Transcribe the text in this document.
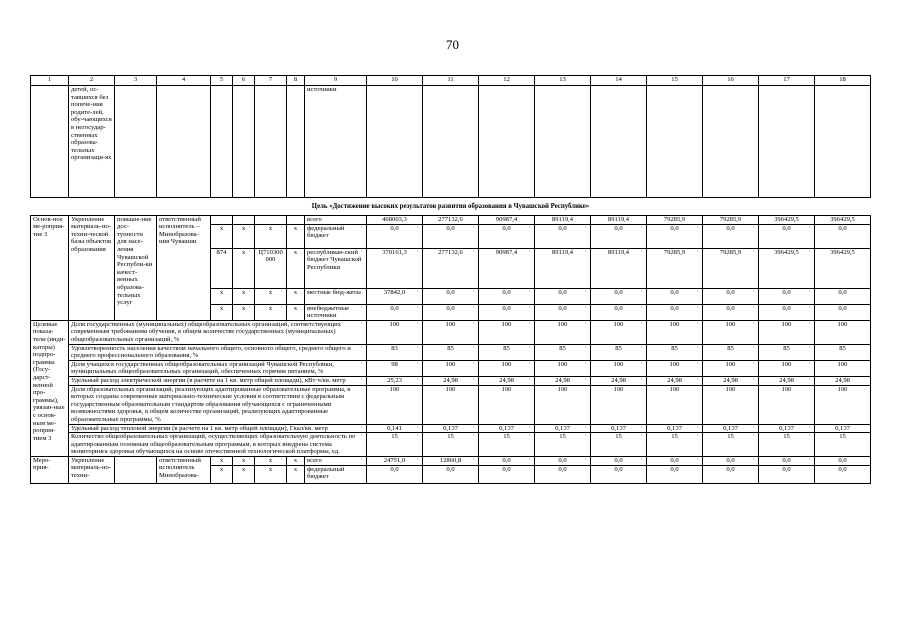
70
1	2	3	4	5	6	7	8	9	10	11	12	13	14	15	16	17	18
	детей, ос-тавшихся без попече-ния родите-лей, обу-чающихся в негосудар-ственных образова-тельных организаци-ях							источники									
Цель «Достижение высоких результатов развития образования в Чувашской Республике»																	
Основ-ное ме-роприя-тие 3	Укрепление материаль-но-техни-ческой базы объектов образования	повыше-ние дос-тупности для насе-ления Чувашской Республи-ки качест-венных образова-тельных услуг	ответственный исполнитель – Минобразова-ния Чувашии					всего	408003,3	277132,6	90987,4	89119,4	89119,4	79285,9	79285,9	396429,5	396429,5
				x	x	x	x	федеральный бюджет	0,0	0,0	0,0	0,0	0,0	0,0	0,0	0,0	0,0
				874	x	Ц710300000	x	республикан-ский бюджет Чувашской Республики	370161,3	277132,6	90987,4	89119,4	89119,4	79285,9	79285,9	396429,5	396429,5
				x	x	x	x	местные бюд-жеты	37842,0	0,0	0,0	0,0	0,0	0,0	0,0	0,0	0,0
				x	x	x	x	внебюджетные источники	0,0	0,0	0,0	0,0	0,0	0,0	0,0	0,0	0,0
Целевые показа-тели (инди-каторы) подпро-граммы (Госу-дарст-венной про-граммы), увязан-ные с основ-ным ме-роприя-тием 3	Доля государственных (муниципальных) общеобразовательных организаций, соответствующих современным требованиям обучения, в общем количестве государственных (муниципальных) общеобразовательных организаций, %								100	100	100	100	100	100	100	100	100
	Удовлетворенность населения качеством начального общего, основного общего, среднего общего и среднего профессионального образования, %								83	85	85	85	85	85	85	85	85
	Доля учащихся государственных общеобразовательных организаций Чувашской Республики, муниципальных общеобразовательных организаций, обеспеченных горячим питанием, %								98	100	100	100	100	100	100	100	100
	Удельный расход электрической энергии (в расчете на 1 кв. метр общей площади), кВт·ч/кв. метр								25,23	24,98	24,98	24,98	24,98	24,98	24,98	24,98	24,98
	Доля образовательных организаций, реализующих адаптированные образовательные программы, в которых созданы современные материально-технические условия в соответствии с федеральным государственным образовательным стандартом образования обучающихся с ограниченными возможностями здоровья, в общем количестве организаций, реализующих адаптированные образовательные программы, %								100	100	100	100	100	100	100	100	100
	Удельный расход тепловой энергии (в расчете на 1 кв. метр общей площади), Гкал/кв. метр								0,141	0,137	0,137	0,137	0,137	0,137	0,137	0,137	0,137
	Количество общеобразовательных организаций, осуществляющих образовательную деятельность по адаптированным основным общеобразовательным программам, в которых внедрена система мониторинга здоровья обучающихся на основе отечественной технологической платформы, ед.								15	15	15	15	15	15	15	15	15
Меро-прия-	Укрепление материаль-но-техни-		ответственный исполнитель Минобразова-	x	x	x	x	всего	24751,0	12860,8	0,0	0,0	0,0	0,0	0,0	0,0	0,0
				x	x	x	x	федеральный бюджет	0,0	0,0	0,0	0,0	0,0	0,0	0,0	0,0	0,0
